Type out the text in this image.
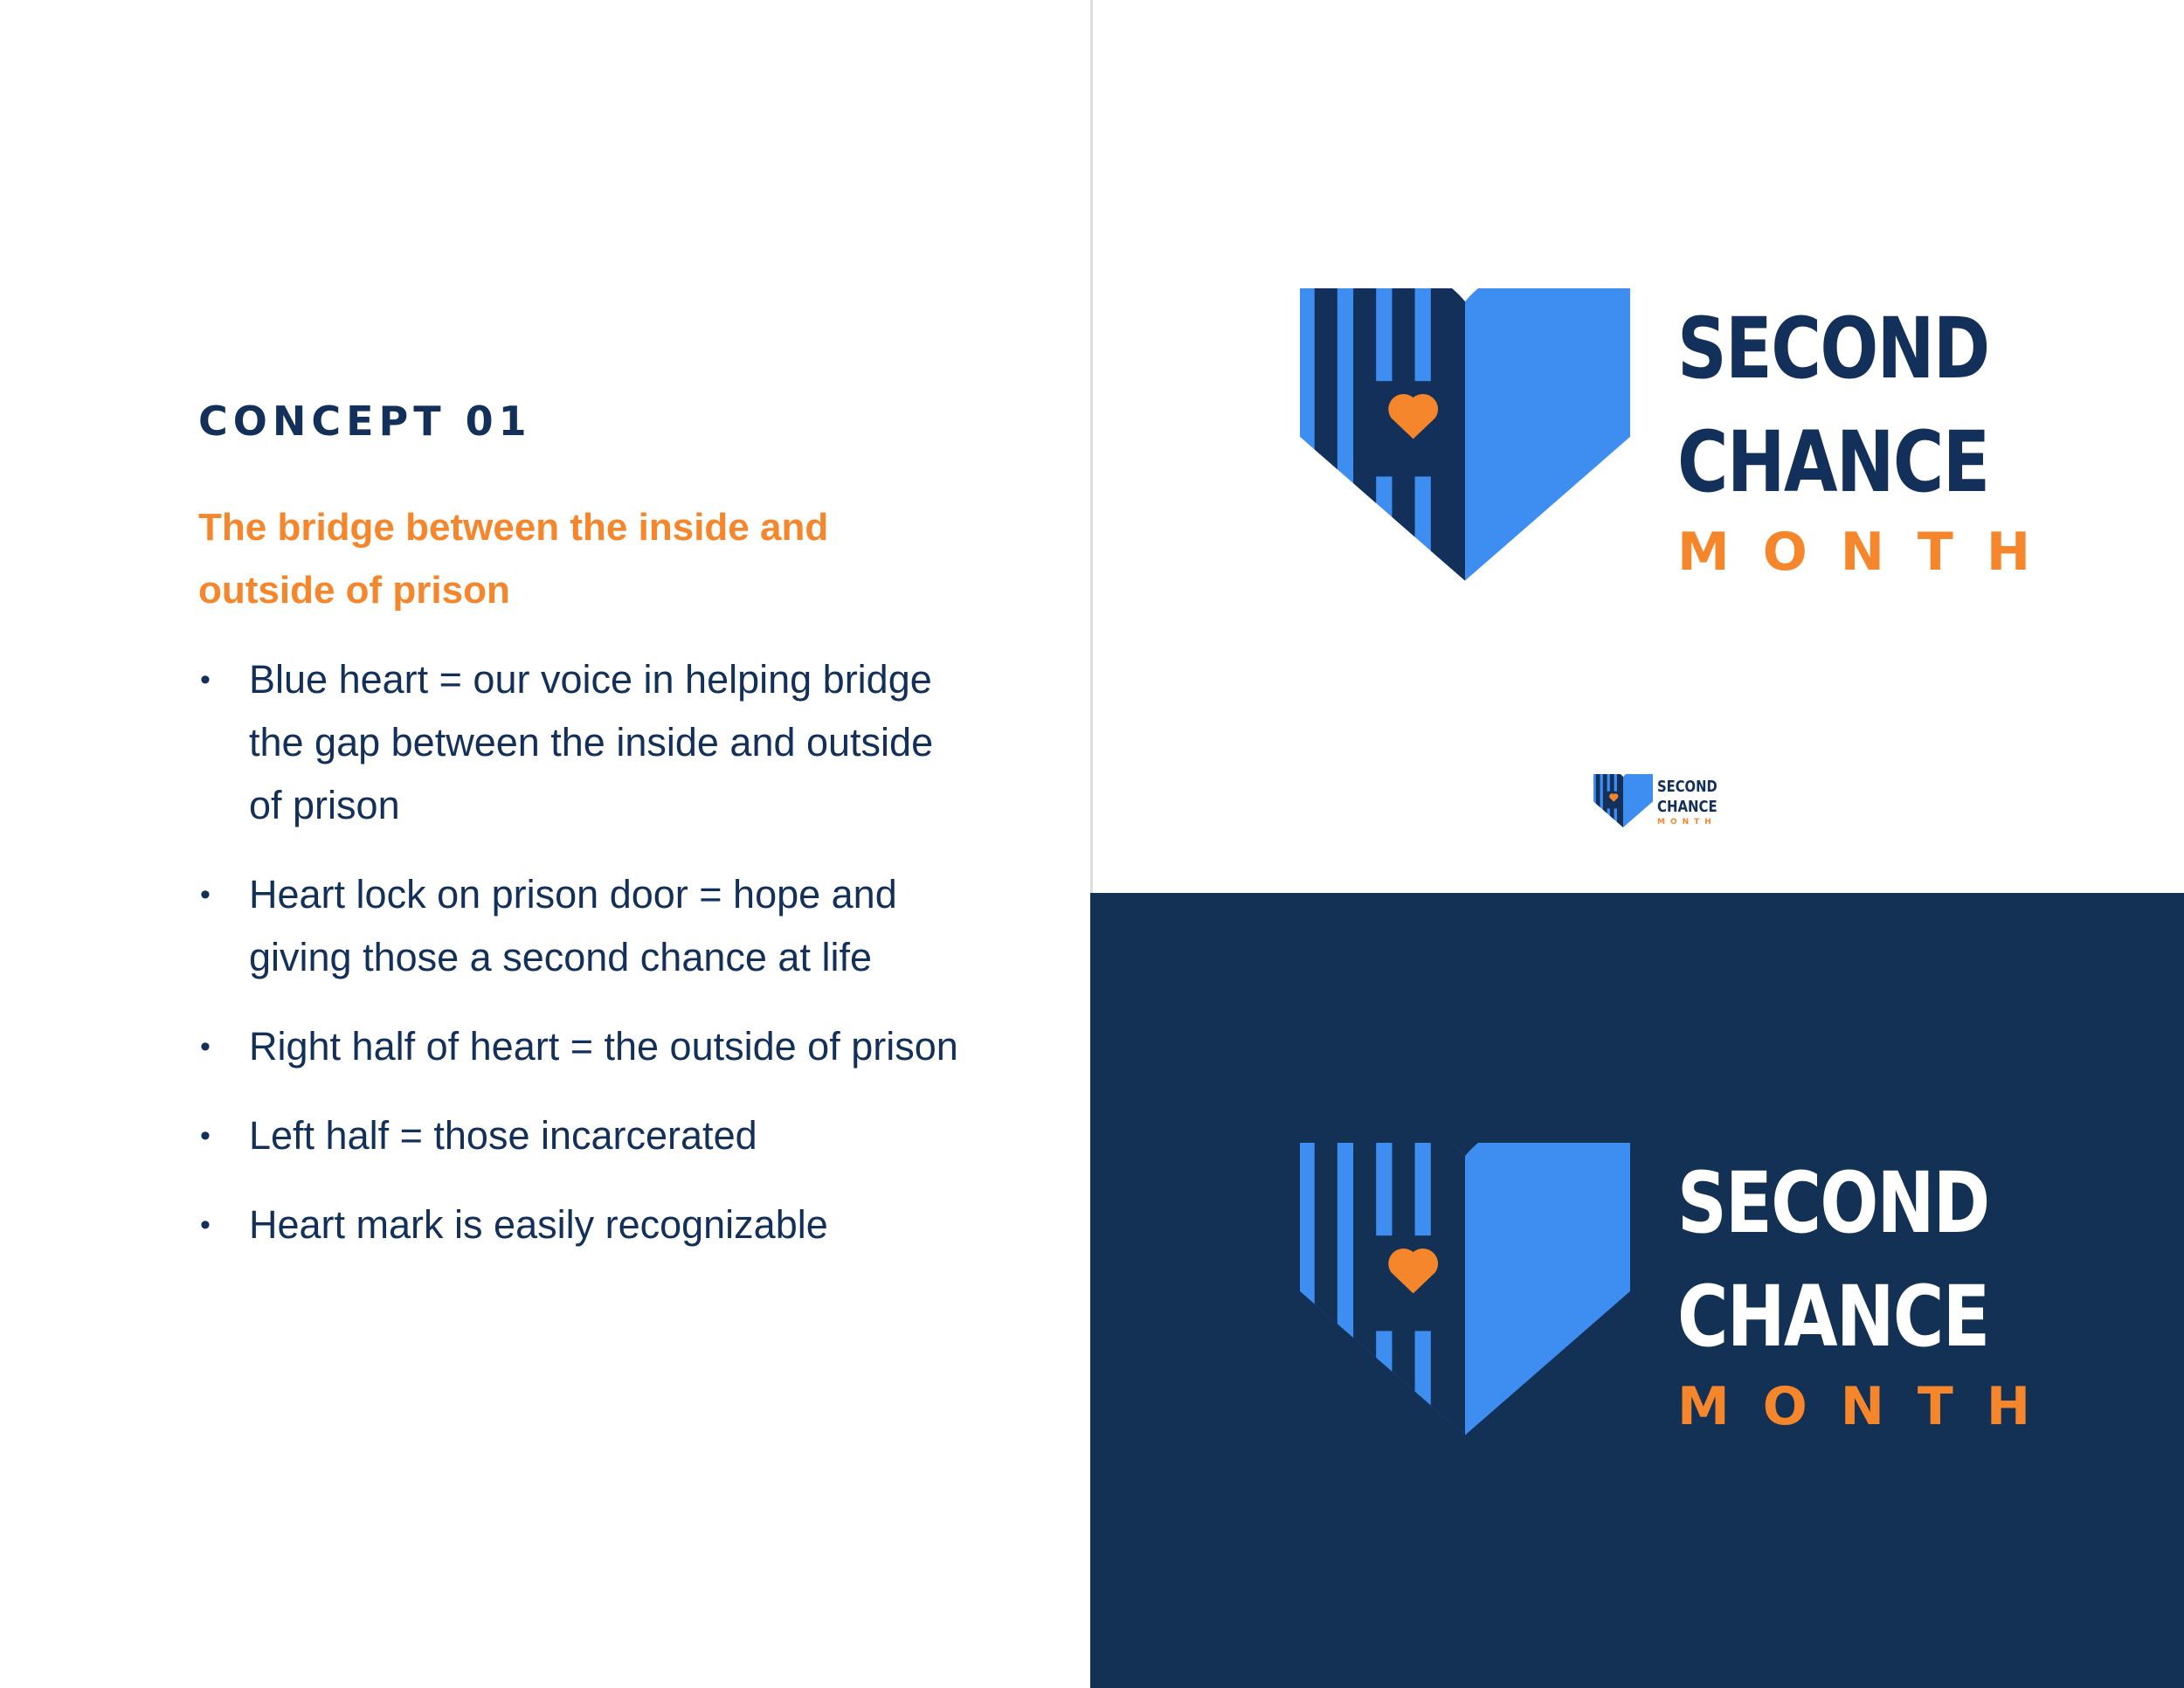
CONCEPT 01
The bridge between the inside and outside of prison
• Blue heart = our voice in helping bridge the gap between the inside and outside of prison
• Heart lock on prison door = hope and giving those a second chance at life
• Right half of heart = the outside of prison
• Left half = those incarcerated
• Heart mark is easily recognizable
SECOND
CHANCE
MONTH
SECOND
CHANCE
MONTH
SECOND
CHANCE
MONTH
